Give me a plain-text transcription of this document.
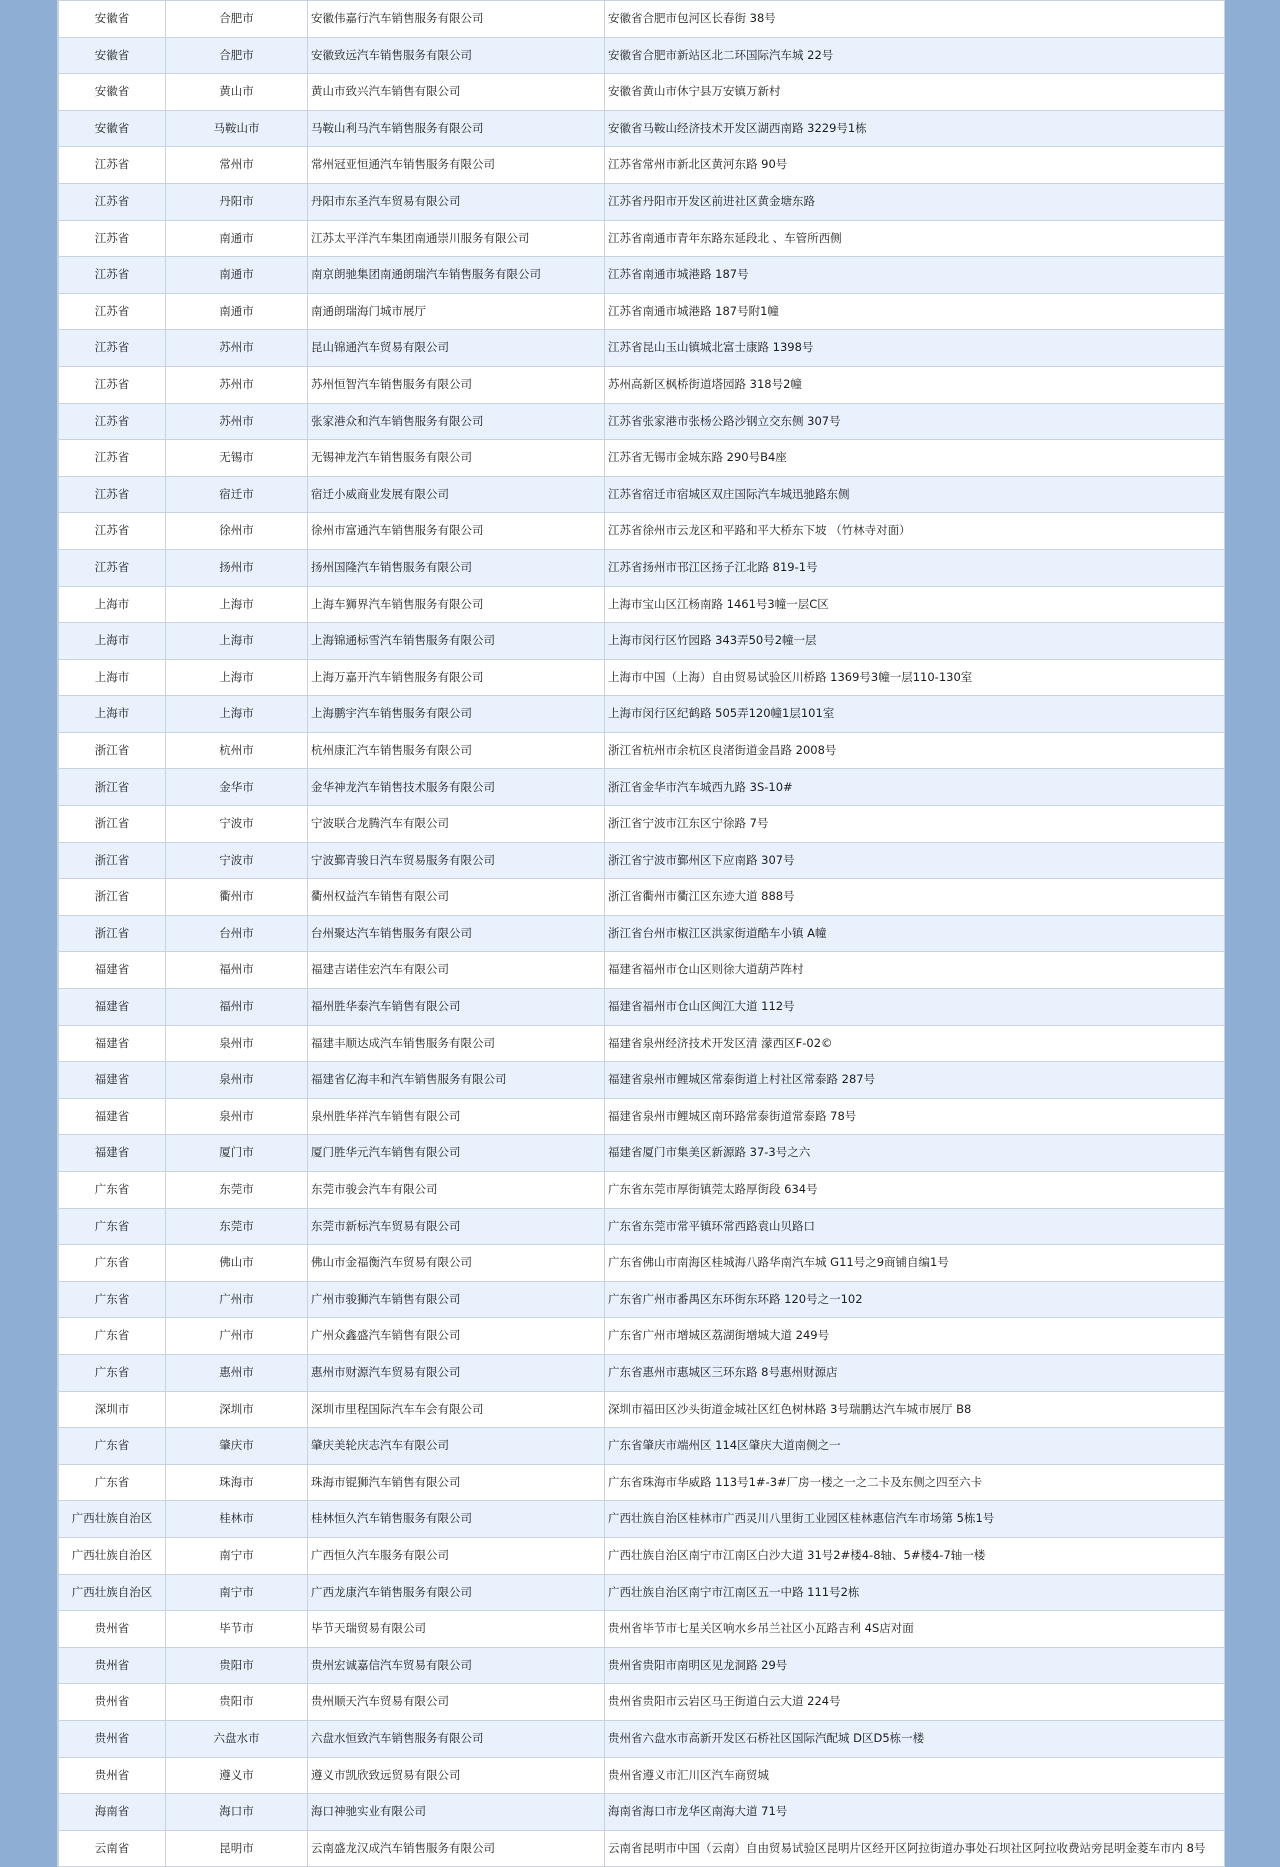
安徽省	合肥市	安徽伟嘉行汽车销售服务有限公司	安徽省合肥市包河区长春街 38号
安徽省	合肥市	安徽致远汽车销售服务有限公司	安徽省合肥市新站区北二环国际汽车城 22号
安徽省	黄山市	黄山市致兴汽车销售有限公司	安徽省黄山市休宁县万安镇万新村
安徽省	马鞍山市	马鞍山利马汽车销售服务有限公司	安徽省马鞍山经济技术开发区湖西南路 3229号1栋
江苏省	常州市	常州冠亚恒通汽车销售服务有限公司	江苏省常州市新北区黄河东路 90号
江苏省	丹阳市	丹阳市东圣汽车贸易有限公司	江苏省丹阳市开发区前进社区黄金塘东路
江苏省	南通市	江苏太平洋汽车集团南通崇川服务有限公司	江苏省南通市青年东路东延段北 、车管所西侧
江苏省	南通市	南京朗驰集团南通朗瑞汽车销售服务有限公司	江苏省南通市城港路 187号
江苏省	南通市	南通朗瑞海门城市展厅	江苏省南通市城港路 187号附1幢
江苏省	苏州市	昆山锦通汽车贸易有限公司	江苏省昆山玉山镇城北富士康路 1398号
江苏省	苏州市	苏州恒智汽车销售服务有限公司	苏州高新区枫桥街道塔园路 318号2幢
江苏省	苏州市	张家港众和汽车销售服务有限公司	江苏省张家港市张杨公路沙钢立交东侧 307号
江苏省	无锡市	无锡神龙汽车销售服务有限公司	江苏省无锡市金城东路 290号B4座
江苏省	宿迁市	宿迁小威商业发展有限公司	江苏省宿迁市宿城区双庄国际汽车城迅驰路东侧
江苏省	徐州市	徐州市富通汽车销售服务有限公司	江苏省徐州市云龙区和平路和平大桥东下坡 （竹林寺对面）
江苏省	扬州市	扬州国隆汽车销售服务有限公司	江苏省扬州市邗江区扬子江北路 819-1号
上海市	上海市	上海车狮界汽车销售服务有限公司	上海市宝山区江杨南路 1461号3幢一层C区
上海市	上海市	上海锦通标雪汽车销售服务有限公司	上海市闵行区竹园路 343弄50号2幢一层
上海市	上海市	上海万嘉开汽车销售服务有限公司	上海市中国（上海）自由贸易试验区川桥路 1369号3幢一层110-130室
上海市	上海市	上海鹏宇汽车销售服务有限公司	上海市闵行区纪鹤路 505弄120幢1层101室
浙江省	杭州市	杭州康汇汽车销售服务有限公司	浙江省杭州市余杭区良渚街道金昌路 2008号
浙江省	金华市	金华神龙汽车销售技术服务有限公司	浙江省金华市汽车城西九路 3S-10#
浙江省	宁波市	宁波联合龙腾汽车有限公司	浙江省宁波市江东区宁徐路 7号
浙江省	宁波市	宁波鄞青骏日汽车贸易服务有限公司	浙江省宁波市鄞州区下应南路 307号
浙江省	衢州市	衢州权益汽车销售有限公司	浙江省衢州市衢江区东迹大道 888号
浙江省	台州市	台州聚达汽车销售服务有限公司	浙江省台州市椒江区洪家街道酷车小镇 A幢
福建省	福州市	福建吉诺佳宏汽车有限公司	福建省福州市仓山区则徐大道葫芦阵村
福建省	福州市	福州胜华泰汽车销售有限公司	福建省福州市仓山区闽江大道 112号
福建省	泉州市	福建丰顺达成汽车销售服务有限公司	福建省泉州经济技术开发区清 濛西区F-02©
福建省	泉州市	福建省亿海丰和汽车销售服务有限公司	福建省泉州市鲤城区常泰街道上村社区常泰路 287号
福建省	泉州市	泉州胜华祥汽车销售有限公司	福建省泉州市鲤城区南环路常泰街道常泰路 78号
福建省	厦门市	厦门胜华元汽车销售有限公司	福建省厦门市集美区新源路 37-3号之六
广东省	东莞市	东莞市骏会汽车有限公司	广东省东莞市厚街镇莞太路厚街段 634号
广东省	东莞市	东莞市新标汽车贸易有限公司	广东省东莞市常平镇环常西路袁山贝路口
广东省	佛山市	佛山市金福衡汽车贸易有限公司	广东省佛山市南海区桂城海八路华南汽车城 G11号之9商铺自编1号
广东省	广州市	广州市骏狮汽车销售有限公司	广东省广州市番禺区东环街东环路 120号之一102
广东省	广州市	广州众鑫盛汽车销售有限公司	广东省广州市增城区荔湖街增城大道 249号
广东省	惠州市	惠州市财源汽车贸易有限公司	广东省惠州市惠城区三环东路 8号惠州财源店
深圳市	深圳市	深圳市里程国际汽车车会有限公司	深圳市福田区沙头街道金城社区红色树林路 3号瑞鹏达汽车城市展厅 B8
广东省	肇庆市	肇庆美轮庆志汽车有限公司	广东省肇庆市端州区 114区肇庆大道南侧之一
广东省	珠海市	珠海市锟狮汽车销售有限公司	广东省珠海市华威路 113号1#-3#厂房一楼之一之二卡及东侧之四至六卡
广西壮族自治区	桂林市	桂林恒久汽车销售服务有限公司	广西壮族自治区桂林市广西灵川八里街工业园区桂林惠信汽车市场第 5栋1号
广西壮族自治区	南宁市	广西恒久汽车服务有限公司	广西壮族自治区南宁市江南区白沙大道 31号2#楼4-8轴、5#楼4-7轴一楼
广西壮族自治区	南宁市	广西龙康汽车销售服务有限公司	广西壮族自治区南宁市江南区五一中路 111号2栋
贵州省	毕节市	毕节天瑞贸易有限公司	贵州省毕节市七星关区响水乡吊兰社区小瓦路吉利 4S店对面
贵州省	贵阳市	贵州宏诚嘉信汽车贸易有限公司	贵州省贵阳市南明区见龙洞路 29号
贵州省	贵阳市	贵州顺天汽车贸易有限公司	贵州省贵阳市云岩区马王街道白云大道 224号
贵州省	六盘水市	六盘水恒致汽车销售服务有限公司	贵州省六盘水市高新开发区石桥社区国际汽配城 D区D5栋一楼
贵州省	遵义市	遵义市凯欣致远贸易有限公司	贵州省遵义市汇川区汽车商贸城
海南省	海口市	海口神驰实业有限公司	海南省海口市龙华区南海大道 71号
云南省	昆明市	云南盛龙汉成汽车销售服务有限公司	云南省昆明市中国（云南）自由贸易试验区昆明片区经开区阿拉街道办事处石坝社区阿拉收费站旁昆明金菱车市内 8号
